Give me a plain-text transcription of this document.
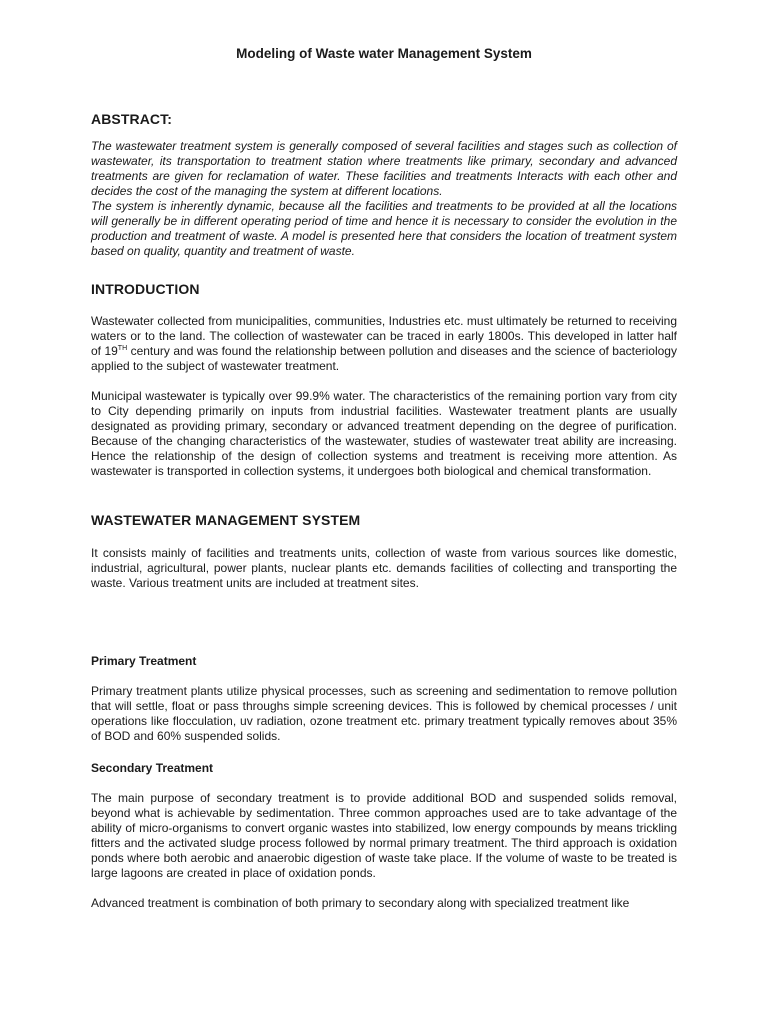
Modeling of Waste water Management System
ABSTRACT:

The wastewater treatment system is generally composed of several facilities and stages such as collection of wastewater, its transportation to treatment station where treatments like primary, secondary and advanced treatments are given for reclamation of water. These facilities and treatments Interacts with each other and decides the cost of the managing the system at different locations.

The system is inherently dynamic, because all the facilities and treatments to be provided at all the locations will generally be in different operating period of time and hence it is necessary to consider the evolution in the production and treatment of waste. A model is presented here that considers the location of treatment system based on quality, quantity and treatment of waste.

INTRODUCTION

Wastewater collected from municipalities, communities, Industries etc. must ultimately be returned to receiving waters or to the land. The collection of wastewater can be traced in early 1800s. This developed in latter half of 19TH century and was found the relationship between pollution and diseases and the science of bacteriology applied to the subject of wastewater treatment.

Municipal wastewater is typically over 99.9% water. The characteristics of the remaining portion vary from city to City depending primarily on inputs from industrial facilities. Wastewater treatment plants are usually designated as providing primary, secondary or advanced treatment depending on the degree of purification. Because of the changing characteristics of the wastewater, studies of wastewater treat ability are increasing. Hence the relationship of the design of collection systems and treatment is receiving more attention. As wastewater is transported in collection systems, it undergoes both biological and chemical transformation.

WASTEWATER MANAGEMENT SYSTEM

It consists mainly of facilities and treatments units, collection of waste from various sources like domestic, industrial, agricultural, power plants, nuclear plants etc. demands facilities of collecting and transporting the waste. Various treatment units are included at treatment sites.

Primary Treatment

Primary treatment plants utilize physical processes, such as screening and sedimentation to remove pollution that will settle, float or pass throughs simple screening devices. This is followed by chemical processes / unit operations like flocculation, uv radiation, ozone treatment etc. primary treatment typically removes about 35% of BOD and 60% suspended solids.

Secondary Treatment

The main purpose of secondary treatment is to provide additional BOD and suspended solids removal, beyond what is achievable by sedimentation. Three common approaches used are to take advantage of the ability of micro-organisms to convert organic wastes into stabilized, low energy compounds by means trickling fitters and the activated sludge process followed by normal primary treatment. The third approach is oxidation ponds where both aerobic and anaerobic digestion of waste take place. If the volume of waste to be treated is large lagoons are created in place of oxidation ponds.

Advanced treatment is combination of both primary to secondary along with specialized treatment like
